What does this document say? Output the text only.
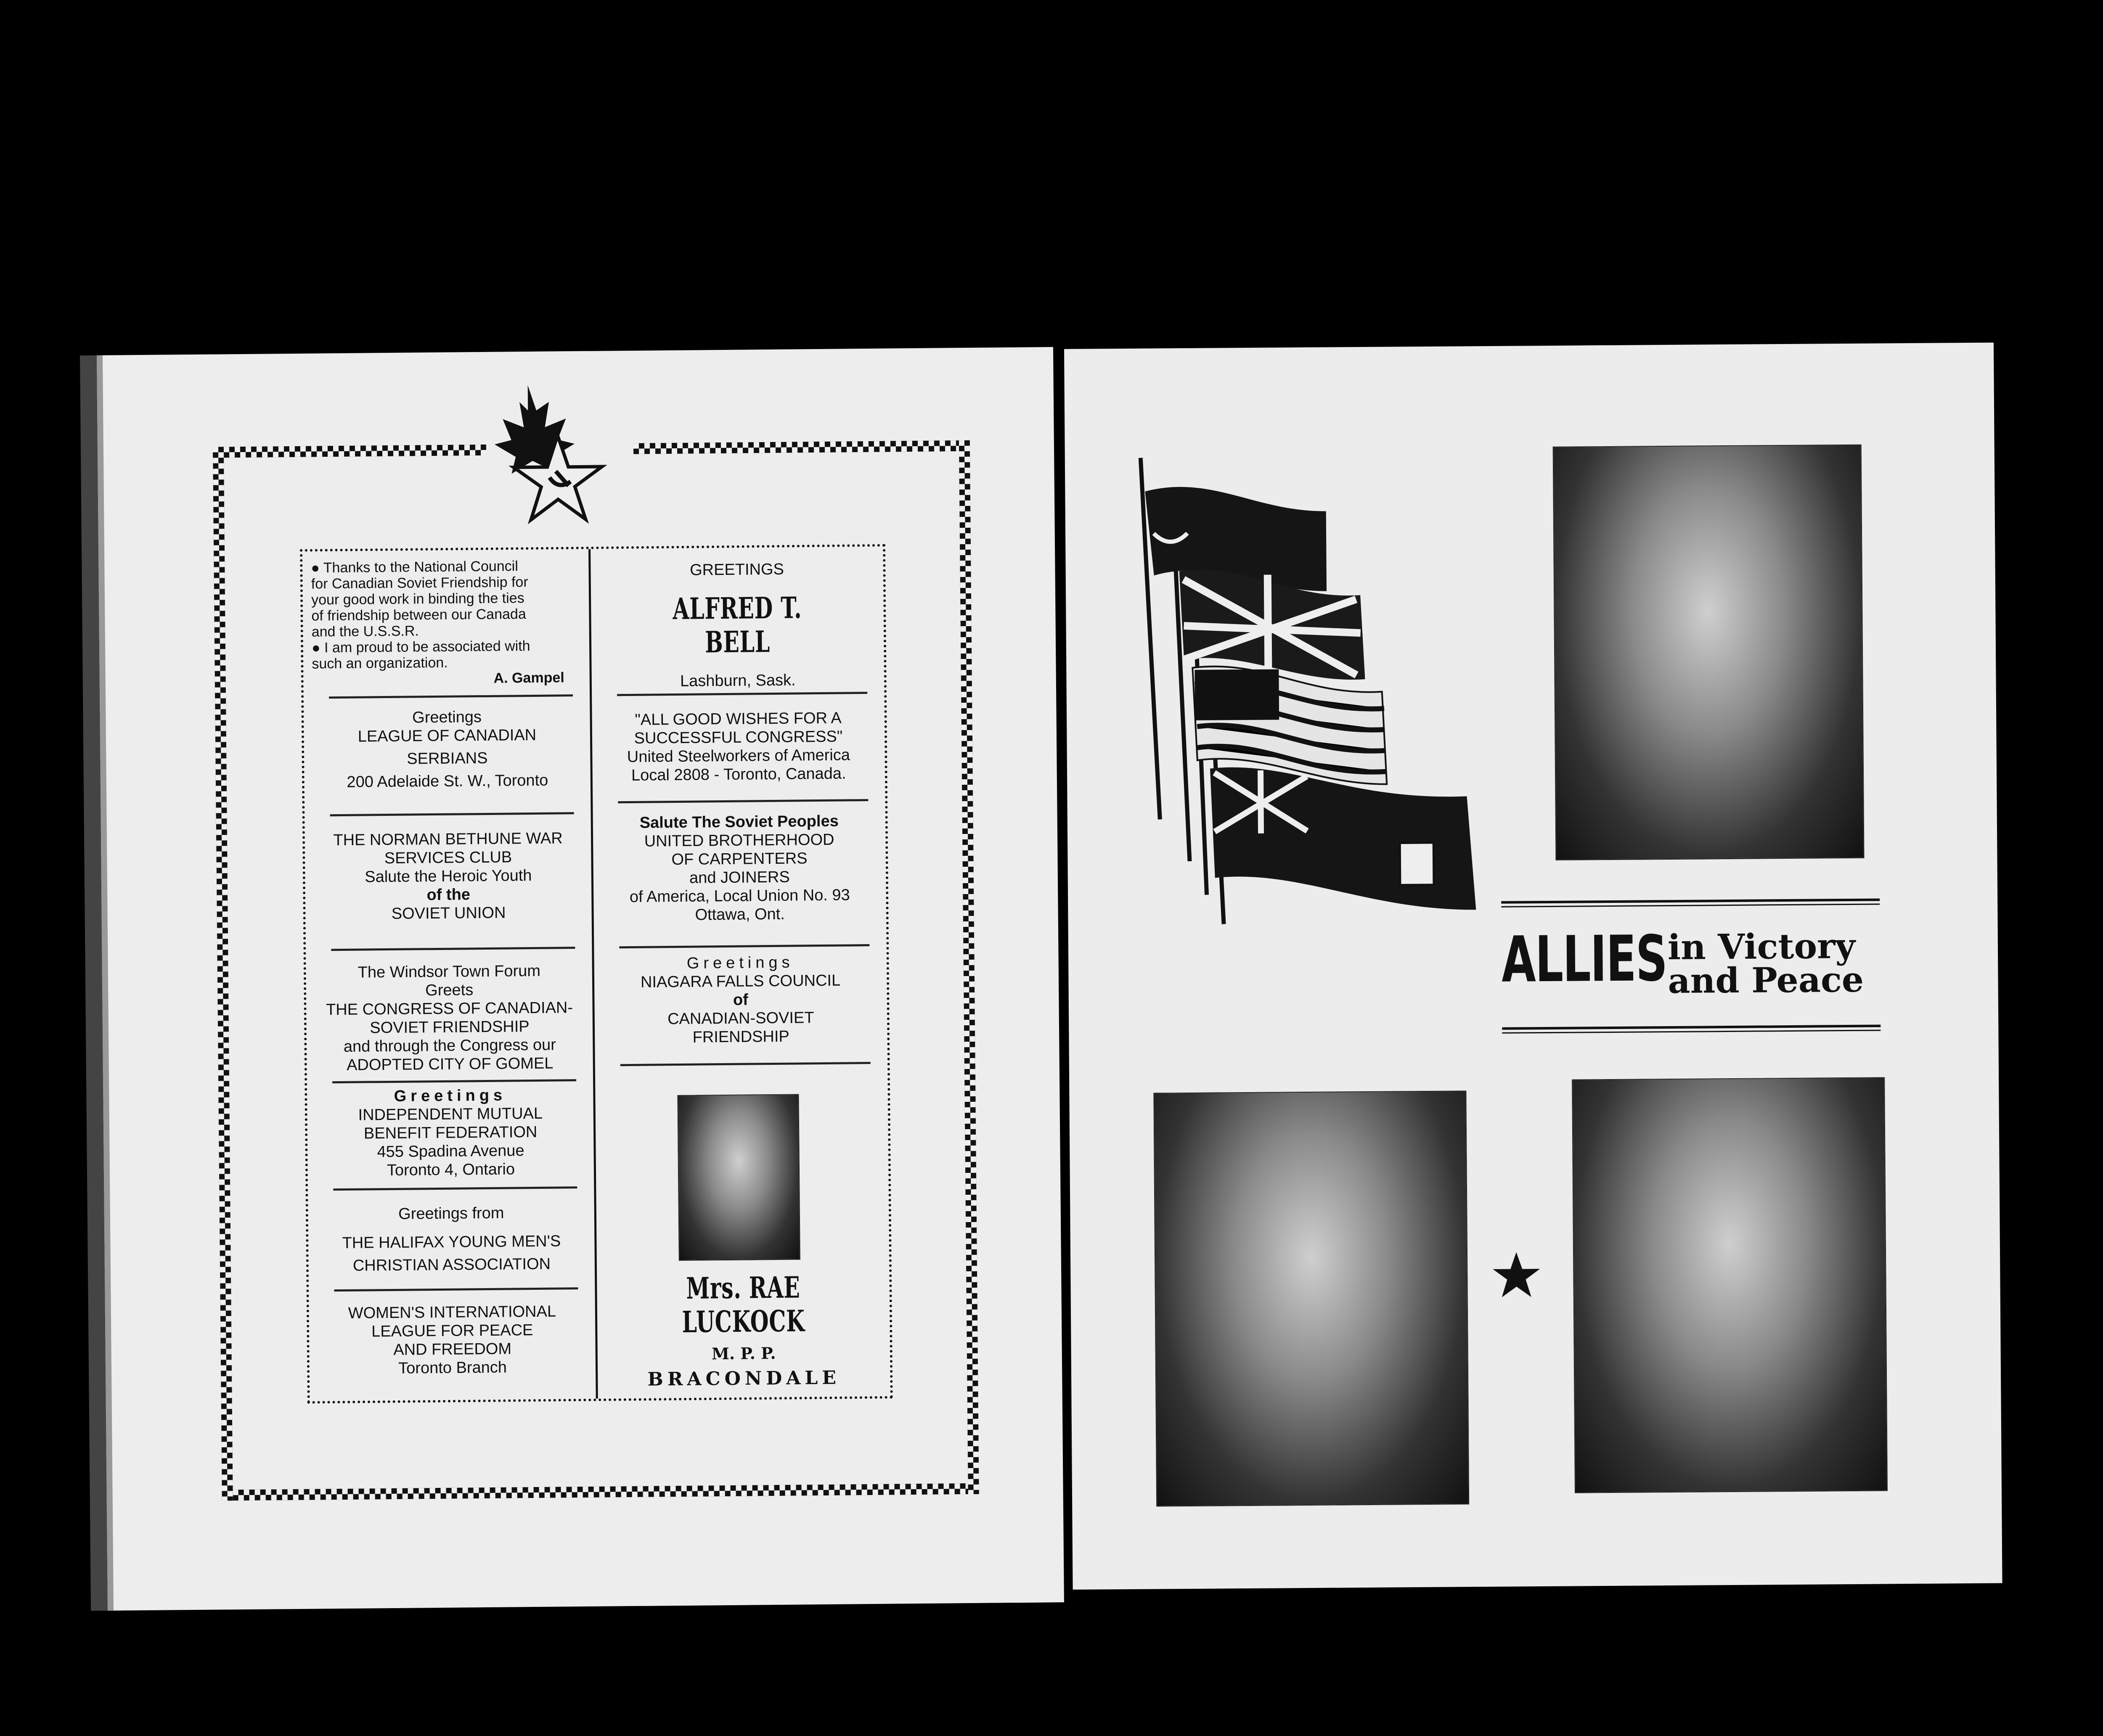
● Thanks to the National Council
for Canadian Soviet Friendship for
your good work in binding the ties
of friendship between our Canada
and the U.S.S.R.
● I am proud to be associated with
such an organization.
A. Gampel
Greetings
LEAGUE OF CANADIAN
SERBIANS
200 Adelaide St. W., Toronto
THE NORMAN BETHUNE WAR
SERVICES CLUB
Salute the Heroic Youth
of the
SOVIET UNION
The Windsor Town Forum
Greets
THE CONGRESS OF CANADIAN-
SOVIET FRIENDSHIP
and through the Congress our
ADOPTED CITY OF GOMEL
Greetings
INDEPENDENT MUTUAL
BENEFIT FEDERATION
455 Spadina Avenue
Toronto 4, Ontario
Greetings from
THE HALIFAX YOUNG MEN'S
CHRISTIAN ASSOCIATION
WOMEN'S INTERNATIONAL
LEAGUE FOR PEACE
AND FREEDOM
Toronto Branch
GREETINGS
ALFRED T. BELL
Lashburn, Sask.
"ALL GOOD WISHES FOR A
SUCCESSFUL CONGRESS"
United Steelworkers of America
Local 2808 - Toronto, Canada.
Salute The Soviet Peoples
UNITED BROTHERHOOD
OF CARPENTERS
and JOINERS
of America, Local Union No. 93
Ottawa, Ont.
Greetings
NIAGARA FALLS COUNCIL
of
CANADIAN-SOVIET
FRIENDSHIP
Mrs. RAE LUCKOCK
M. P. P.
BRACONDALE
ALLIES in Victory
and Peace
